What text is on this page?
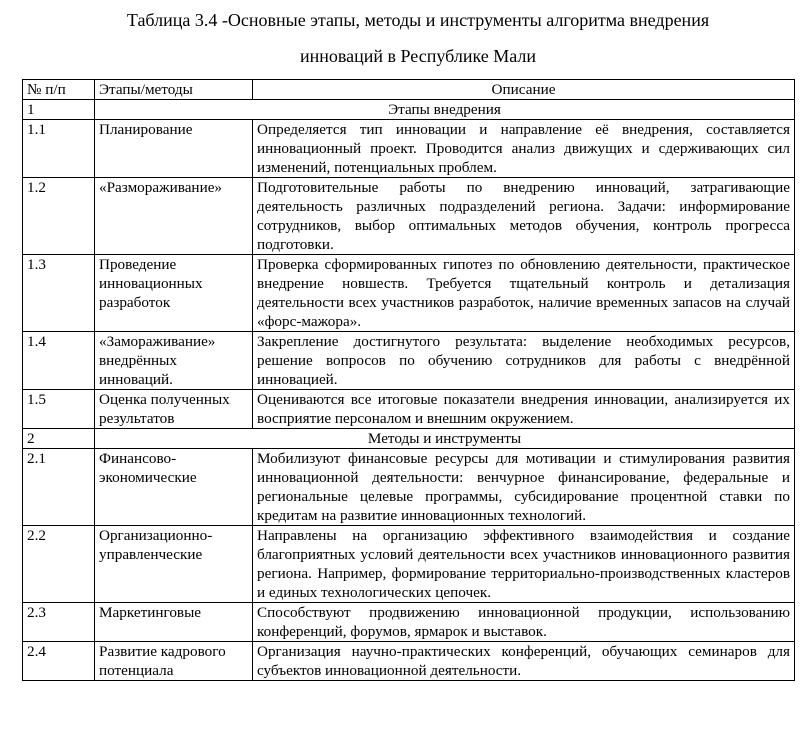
Таблица 3.4 -Основные этапы, методы и инструменты алгоритма внедрения

инноваций в Республике Мали

№ п/п	Этапы/методы	Описание
1	Этапы внедрения	
1.1	Планирование	Определяется тип инновации и направление её внедрения, составляется инновационный проект. Проводится анализ движущих и сдерживающих сил изменений, потенциальных проблем.
1.2	«Размораживание»	Подготовительные работы по внедрению инноваций, затрагивающие деятельность различных подразделений региона. Задачи: информирование сотрудников, выбор оптимальных методов обучения, контроль прогресса подготовки.
1.3	Проведение инновационных разработок	Проверка сформированных гипотез по обновлению деятельности, практическое внедрение новшеств. Требуется тщательный контроль и детализация деятельности всех участников разработок, наличие временных запасов на случай «форс-мажора».
1.4	«Замораживание» внедрённых инноваций.	Закрепление достигнутого результата: выделение необходимых ресурсов, решение вопросов по обучению сотрудников для работы с внедрённой инновацией.
1.5	Оценка полученных результатов	Оцениваются все итоговые показатели внедрения инновации, анализируется их восприятие персоналом и внешним окружением.
2	Методы и инструменты	
2.1	Финансово-экономические	Мобилизуют финансовые ресурсы для мотивации и стимулирования развития инновационной деятельности: венчурное финансирование, федеральные и региональные целевые программы, субсидирование процентной ставки по кредитам на развитие инновационных технологий.
2.2	Организационно-управленческие	Направлены на организацию эффективного взаимодействия и создание благоприятных условий деятельности всех участников инновационного развития региона. Например, формирование территориально-производственных кластеров и единых технологических цепочек.
2.3	Маркетинговые	Способствуют продвижению инновационной продукции, использованию конференций, форумов, ярмарок и выставок.
2.4	Развитие кадрового потенциала	Организация научно-практических конференций, обучающих семинаров для субъектов инновационной деятельности.
